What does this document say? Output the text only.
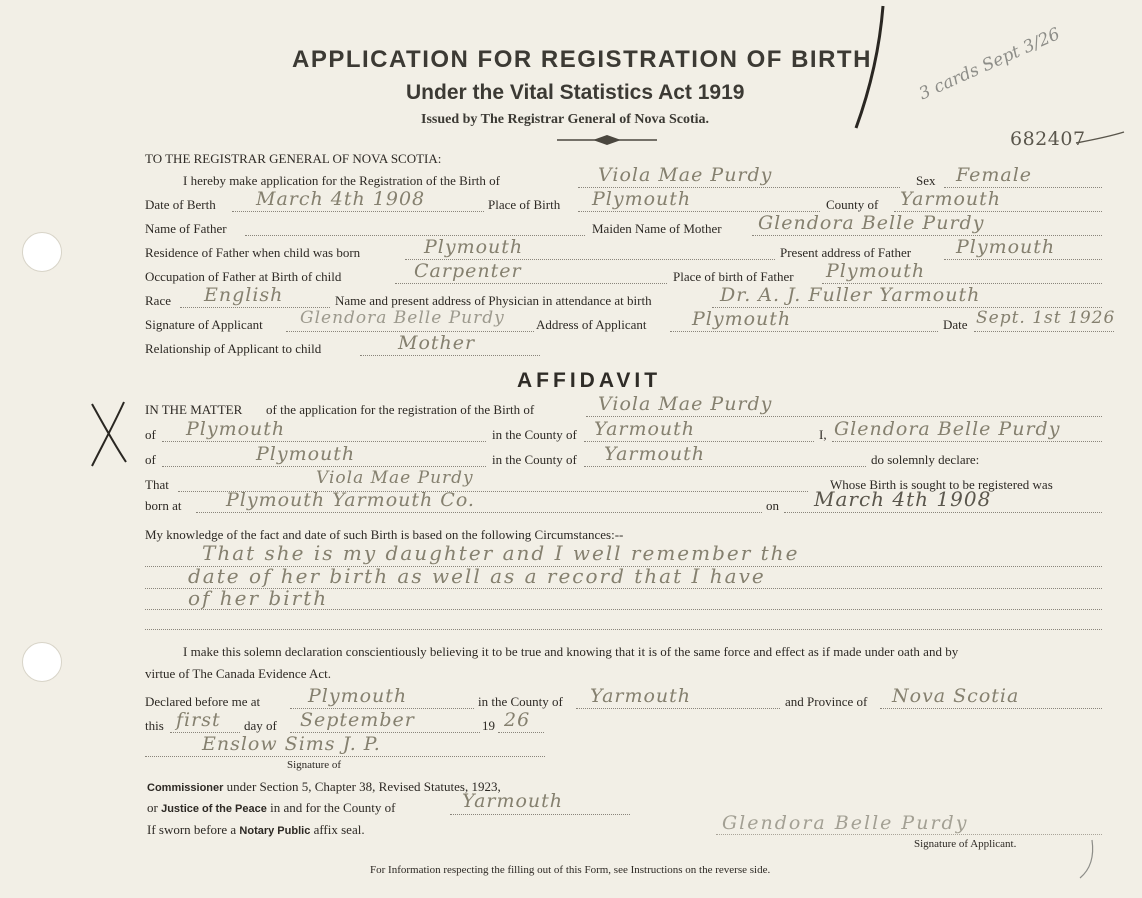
APPLICATION FOR REGISTRATION OF BIRTH
Under the Vital Statistics Act 1919
Issued by The Registrar General of Nova Scotia.
3 cards Sept 3/26
682407
TO THE REGISTRAR GENERAL OF NOVA SCOTIA:
I hereby make application for the Registration of the Birth of	Viola Mae Purdy	Sex Female
Date of Berth March 4th 1908	Place of Birth Plymouth	County of Yarmouth
Name of Father	Maiden Name of Mother Glendora Belle Purdy
Residence of Father when child was born	Plymouth	Present address of Father Plymouth
Occupation of Father at Birth of child	Carpenter	Place of birth of Father Plymouth
Race English	Name and present address of Physician in attendance at birth	Dr. A. J. Fuller Yarmouth
Signature of Applicant Glendora Belle Purdy Address of Applicant Plymouth	Date Sept. 1st 1926
Relationship of Applicant to child	Mother
AFFIDAVIT
IN THE MATTER of the application for the registration of the Birth of	Viola Mae Purdy
of Plymouth	in the County of Yarmouth	I, Glendora Belle Purdy
of	Plymouth	in the County of Yarmouth	do solemnly declare:
That	Viola Mae Purdy	Whose Birth is sought to be registered was
born at Plymouth Yarmouth Co.	on March 4th 1908
My knowledge of the fact and date of such Birth is based on the following Circumstances:--
That she is my daughter and I well remember the
date of her birth as well as a record that I have
of her birth
I make this solemn declaration conscientiously believing it to be true and knowing that it is of the same force and effect as if made under oath and by
virtue of The Canada Evidence Act.
Declared before me at	Plymouth	in the County of Yarmouth	and Province of Nova Scotia
this first day of September	19 26
Enslow Sims J. P.
Signature of
Commissioner under Section 5, Chapter 38, Revised Statutes, 1923,
or Justice of the Peace in and for the County of	Yarmouth
If sworn before a Notary Public affix seal.	Glendora Belle Purdy
Signature of Applicant.
For Information respecting the filling out of this Form, see Instructions on the reverse side.
